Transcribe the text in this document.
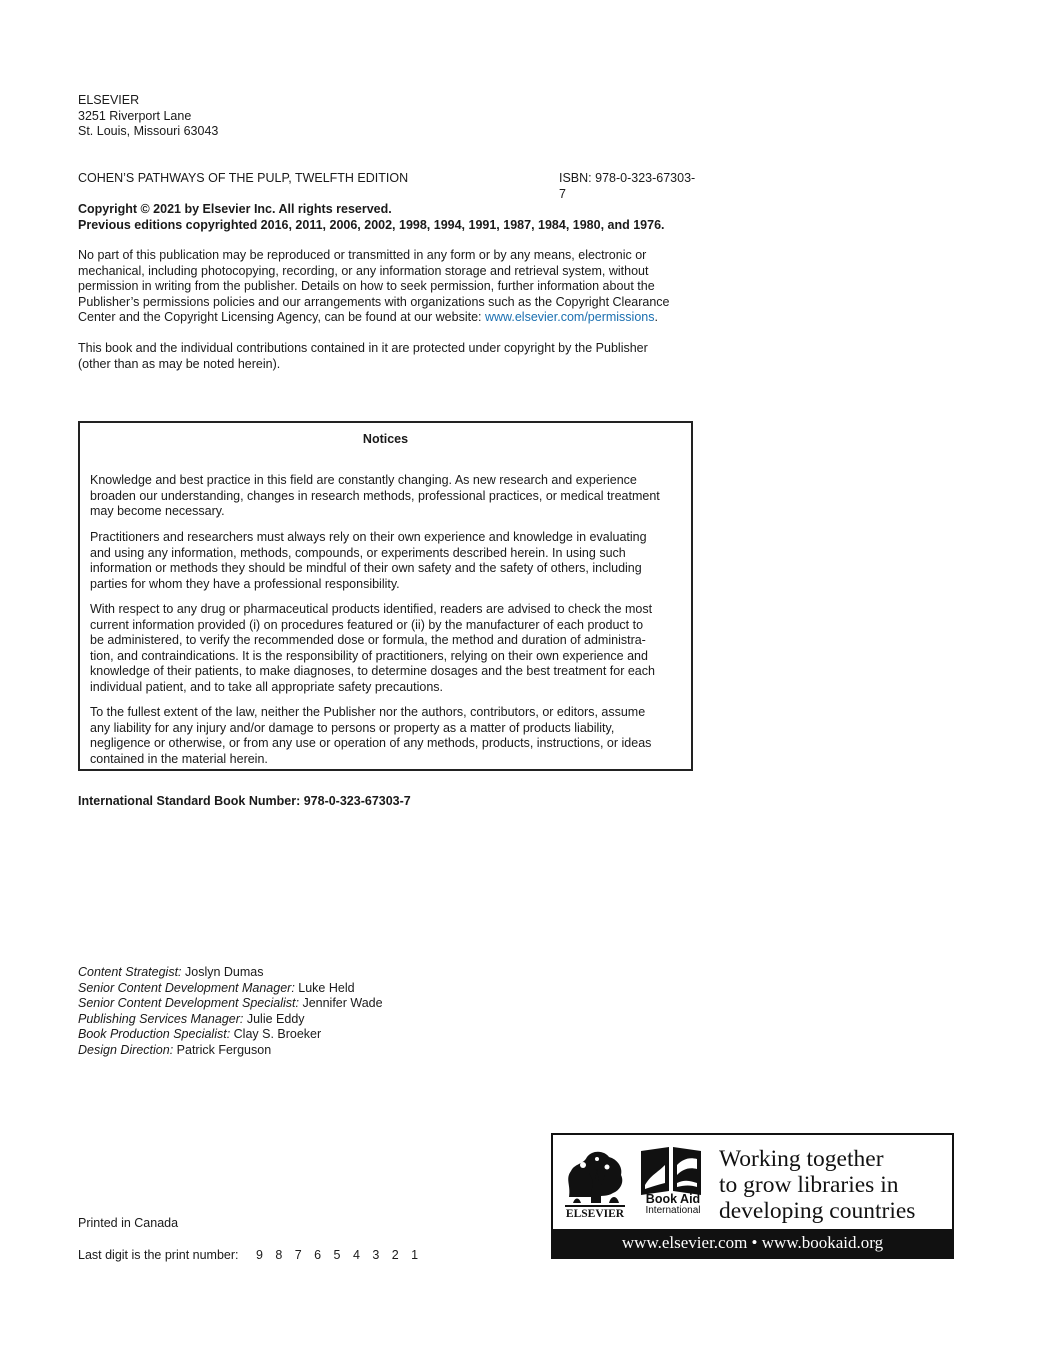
ELSEVIER
3251 Riverport Lane
St. Louis, Missouri 63043
COHEN’S PATHWAYS OF THE PULP, TWELFTH EDITION	ISBN: 978-0-323-67303-7
Copyright © 2021 by Elsevier Inc. All rights reserved.
Previous editions copyrighted 2016, 2011, 2006, 2002, 1998, 1994, 1991, 1987, 1984, 1980, and 1976.
No part of this publication may be reproduced or transmitted in any form or by any means, electronic or
mechanical, including photocopying, recording, or any information storage and retrieval system, without
permission in writing from the publisher. Details on how to seek permission, further information about the
Publisher’s permissions policies and our arrangements with organizations such as the Copyright Clearance
Center and the Copyright Licensing Agency, can be found at our website: www.elsevier.com/permissions.
This book and the individual contributions contained in it are protected under copyright by the Publisher
(other than as may be noted herein).
Notices
Knowledge and best practice in this field are constantly changing. As new research and experience
broaden our understanding, changes in research methods, professional practices, or medical treatment
may become necessary.
Practitioners and researchers must always rely on their own experience and knowledge in evaluating
and using any information, methods, compounds, or experiments described herein. In using such
information or methods they should be mindful of their own safety and the safety of others, including
parties for whom they have a professional responsibility.
With respect to any drug or pharmaceutical products identified, readers are advised to check the most
current information provided (i) on procedures featured or (ii) by the manufacturer of each product to
be administered, to verify the recommended dose or formula, the method and duration of administra-
tion, and contraindications. It is the responsibility of practitioners, relying on their own experience and
knowledge of their patients, to make diagnoses, to determine dosages and the best treatment for each
individual patient, and to take all appropriate safety precautions.
To the fullest extent of the law, neither the Publisher nor the authors, contributors, or editors, assume
any liability for any injury and/or damage to persons or property as a matter of products liability,
negligence or otherwise, or from any use or operation of any methods, products, instructions, or ideas
contained in the material herein.
International Standard Book Number: 978-0-323-67303-7
Content Strategist: Joslyn Dumas
Senior Content Development Manager: Luke Held
Senior Content Development Specialist: Jennifer Wade
Publishing Services Manager: Julie Eddy
Book Production Specialist: Clay S. Broeker
Design Direction: Patrick Ferguson
Printed in Canada
Last digit is the print number: 9 8 7 6 5 4 3 2 1
ELSEVIER
Book Aid
International
Working together
to grow libraries in
developing countries
www.elsevier.com • www.bookaid.org
